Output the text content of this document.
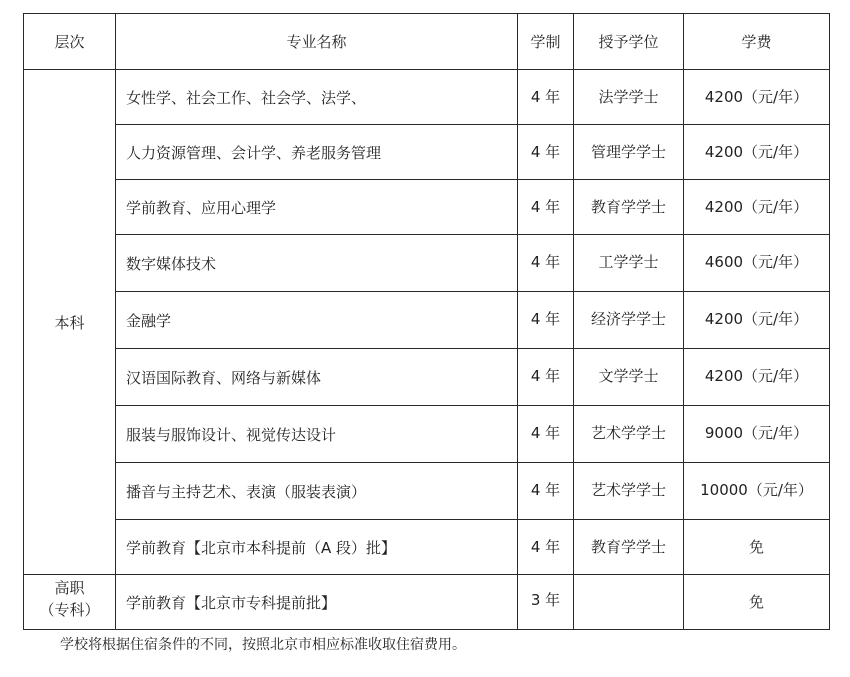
层次	专业名称	学制	授予学位	学费
本科	女性学、社会工作、社会学、法学、	4 年	法学学士	4200（元/年）
	人力资源管理、会计学、养老服务管理	4 年	管理学学士	4200（元/年）
	学前教育、应用心理学	4 年	教育学学士	4200（元/年）
	数字媒体技术	4 年	工学学士	4600（元/年）
	金融学	4 年	经济学学士	4200（元/年）
	汉语国际教育、网络与新媒体	4 年	文学学士	4200（元/年）
	服装与服饰设计、视觉传达设计	4 年	艺术学学士	9000（元/年）
	播音与主持艺术、表演（服装表演）	4 年	艺术学学士	10000（元/年）
	学前教育【北京市本科提前（A 段）批】	4 年	教育学学士	免

高职
（专科）	学前教育【北京市专科提前批】	3 年		免
学校将根据住宿条件的不同，按照北京市相应标准收取住宿费用。
